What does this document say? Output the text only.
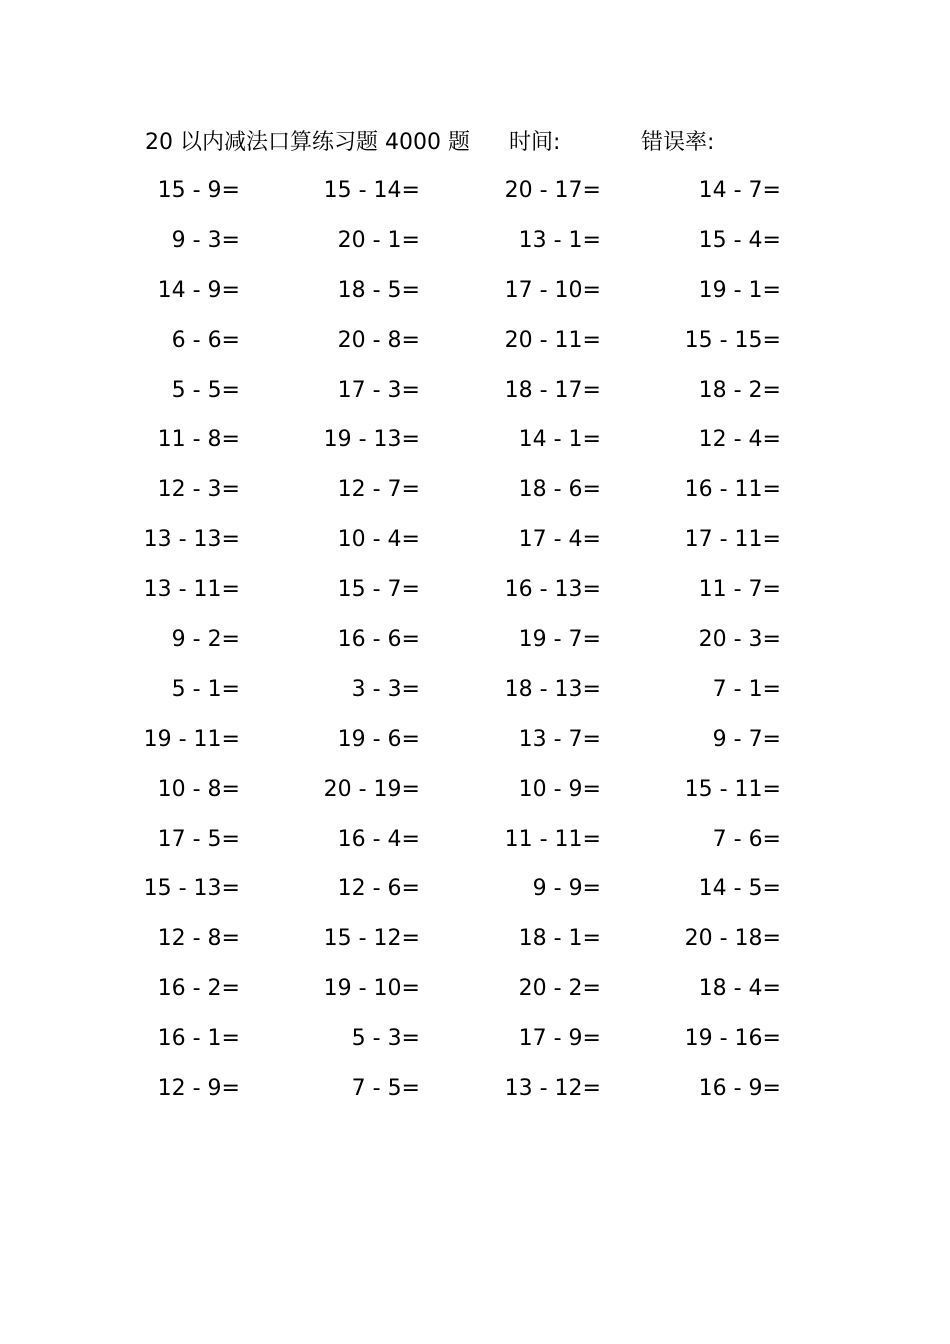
20 以内减法口算练习题 4000 题 时间:	错误率:
15 - 9=	15 - 14=	20 - 17=	14 - 7=
9 - 3=	20 - 1=	13 - 1=	15 - 4=
14 - 9=	18 - 5=	17 - 10=	19 - 1=
6 - 6=	20 - 8=	20 - 11=	15 - 15=
5 - 5=	17 - 3=	18 - 17=	18 - 2=
11 - 8=	19 - 13=	14 - 1=	12 - 4=
12 - 3=	12 - 7=	18 - 6=	16 - 11=
13 - 13=	10 - 4=	17 - 4=	17 - 11=
13 - 11=	15 - 7=	16 - 13=	11 - 7=
9 - 2=	16 - 6=	19 - 7=	20 - 3=
5 - 1=	3 - 3=	18 - 13=	7 - 1=
19 - 11=	19 - 6=	13 - 7=	9 - 7=
10 - 8=	20 - 19=	10 - 9=	15 - 11=
17 - 5=	16 - 4=	11 - 11=	7 - 6=
15 - 13=	12 - 6=	9 - 9=	14 - 5=
12 - 8=	15 - 12=	18 - 1=	20 - 18=
16 - 2=	19 - 10=	20 - 2=	18 - 4=
16 - 1=	5 - 3=	17 - 9=	19 - 16=
12 - 9=	7 - 5=	13 - 12=	16 - 9=
